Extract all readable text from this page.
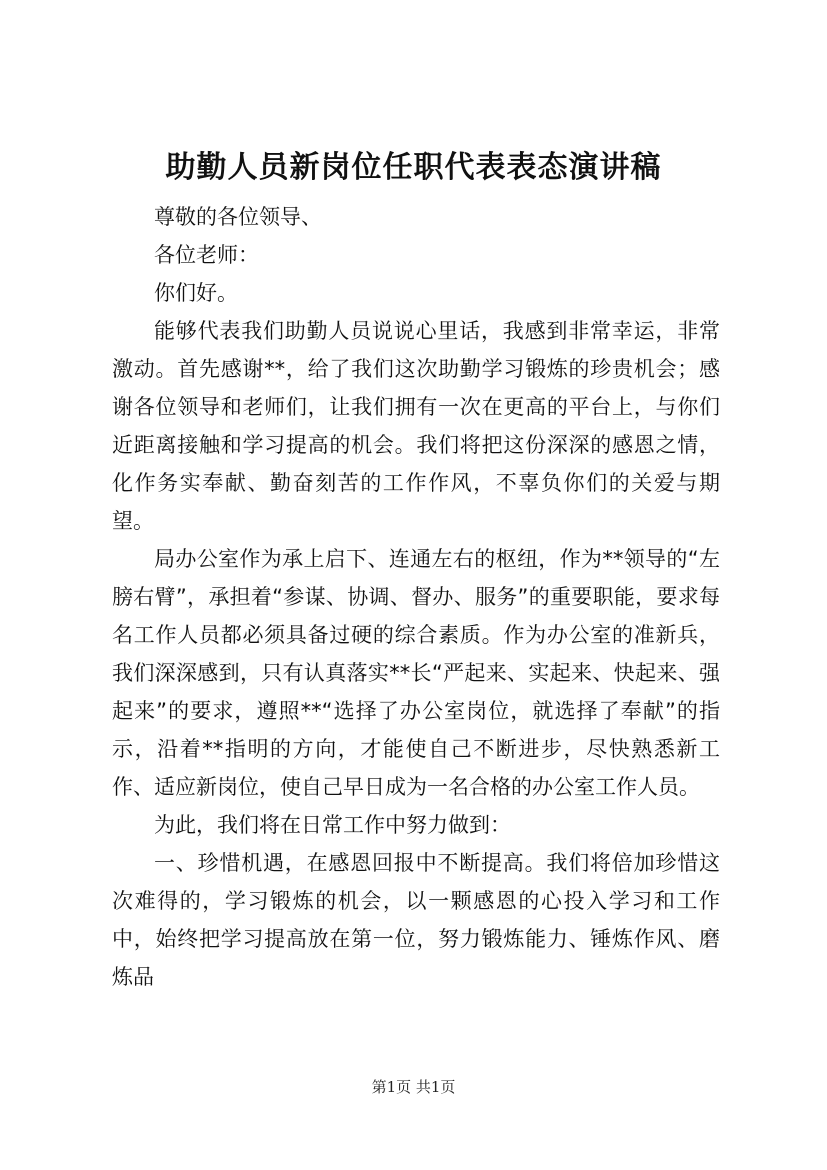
助勤人员新岗位任职代表表态演讲稿

尊敬的各位领导、

各位老师：

你们好。

能够代表我们助勤人员说说心里话，我感到非常幸运，非常激动。首先感谢**，给了我们这次助勤学习锻炼的珍贵机会；感谢各位领导和老师们，让我们拥有一次在更高的平台上，与你们近距离接触和学习提高的机会。我们将把这份深深的感恩之情，化作务实奉献、勤奋刻苦的工作作风，不辜负你们的关爱与期望。

局办公室作为承上启下、连通左右的枢纽，作为**领导的“左膀右臂”，承担着“参谋、协调、督办、服务”的重要职能，要求每名工作人员都必须具备过硬的综合素质。作为办公室的准新兵，我们深深感到，只有认真落实**长“严起来、实起来、快起来、强起来”的要求，遵照**“选择了办公室岗位，就选择了奉献”的指示，沿着**指明的方向，才能使自己不断进步，尽快熟悉新工作、适应新岗位，使自己早日成为一名合格的办公室工作人员。

为此，我们将在日常工作中努力做到：

一、珍惜机遇，在感恩回报中不断提高。我们将倍加珍惜这次难得的，学习锻炼的机会，以一颗感恩的心投入学习和工作中，始终把学习提高放在第一位，努力锻炼能力、锤炼作风、磨炼品

第1页 共1页
